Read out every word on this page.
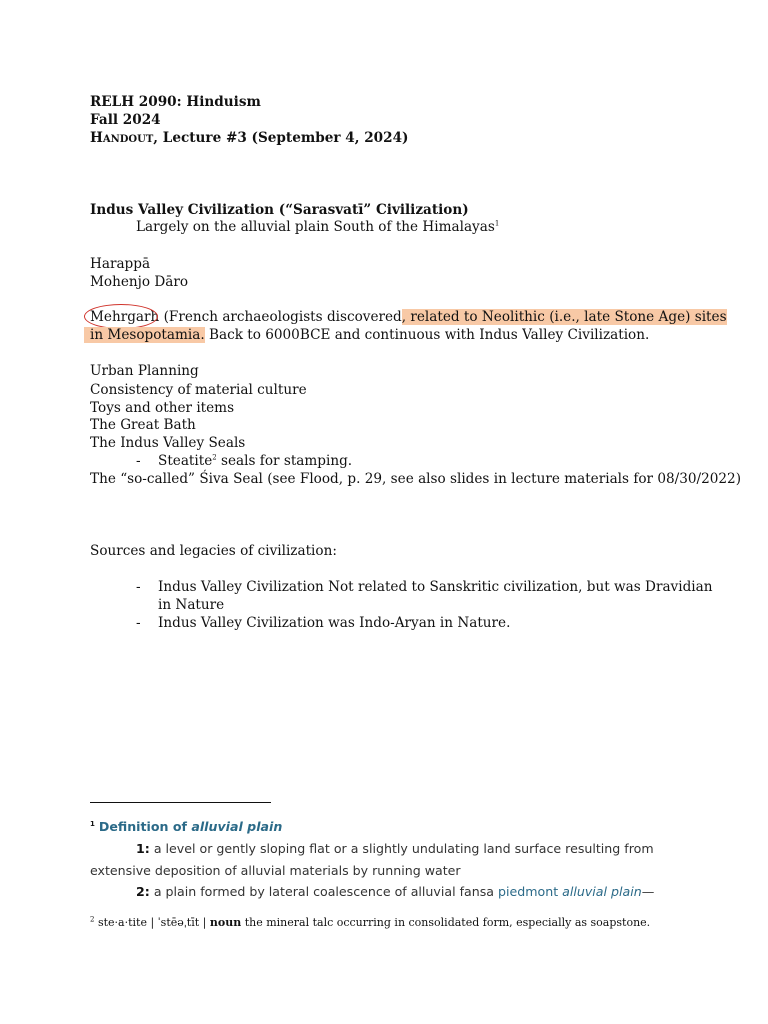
RELH 2090: Hinduism
Fall 2024
Handout, Lecture #3 (September 4, 2024)
Indus Valley Civilization (“Sarasvatī” Civilization)
Largely on the alluvial plain South of the Himalayas$^1$
Harappā
Mohenjo Dāro
Mehrgarh (French archaeologists discovered, related to Neolithic (i.e., late Stone Age) sites
in Mesopotamia. Back to 6000BCE and continuous with Indus Valley Civilization.
Urban Planning
Consistency of material culture
Toys and other items
The Great Bath
The Indus Valley Seals
- Steatite$^2$ seals for stamping.
The “so-called” Śiva Seal (see Flood, p. 29, see also slides in lecture materials for 08/30/2022)
Sources and legacies of civilization:
- Indus Valley Civilization Not related to Sanskritic civilization, but was Dravidian
in Nature
- Indus Valley Civilization was Indo-Aryan in Nature.
$^1$ Definition of alluvial plain
1: a level or gently sloping flat or a slightly undulating land surface resulting from
extensive deposition of alluvial materials by running water
2: a plain formed by lateral coalescence of alluvial fansa piedmont alluvial plain—
$^2$ ste·a·tite | ˈstēəˌtīt | noun the mineral talc occurring in consolidated form, especially as soapstone.
